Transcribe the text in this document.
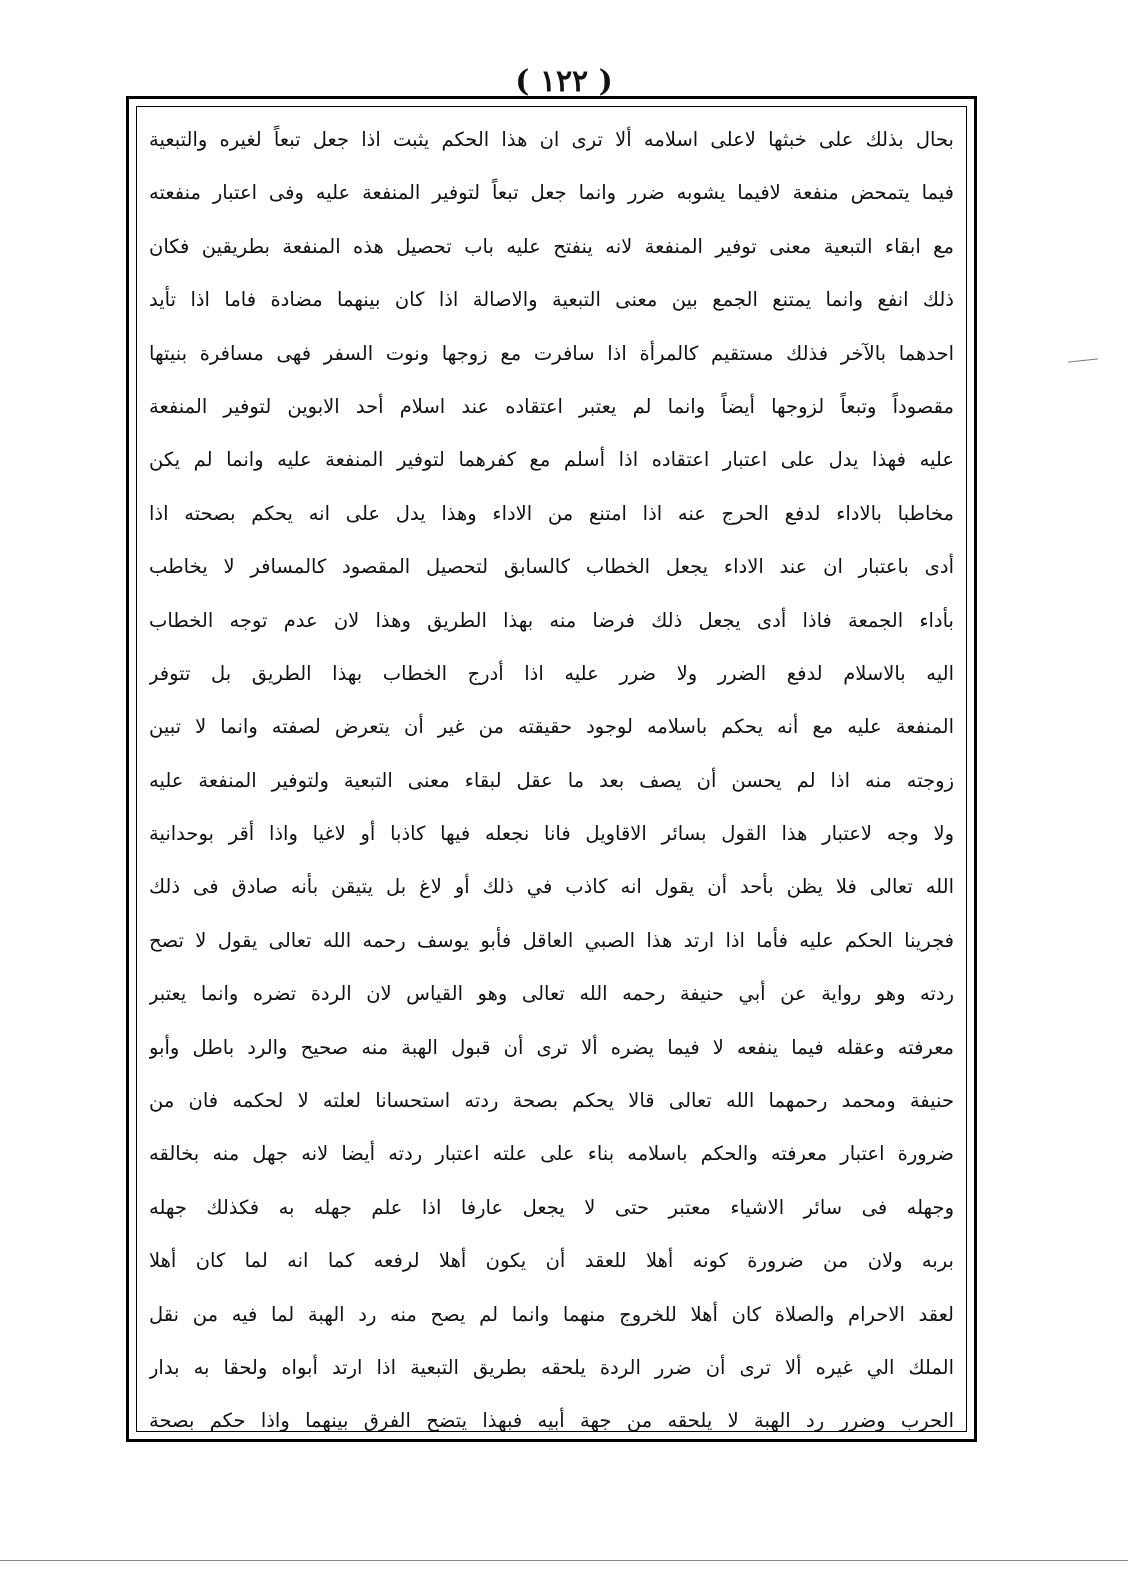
( ١٢٢ )
بحال بذلك على خبثها لاعلى اسلامه ألا ترى ان هذا الحكم يثبت اذا جعل تبعاً لغيره والتبعية
فيما يتمحض منفعة لافيما يشوبه ضرر وانما جعل تبعاً لتوفير المنفعة عليه وفى اعتبار منفعته
مع ابقاء التبعية معنى توفير المنفعة لانه ينفتح عليه باب تحصيل هذه المنفعة بطريقين فكان
ذلك انفع وانما يمتنع الجمع بين معنى التبعية والاصالة اذا كان بينهما مضادة فاما اذا تأيد
احدهما بالآخر فذلك مستقيم كالمرأة اذا سافرت مع زوجها ونوت السفر فهى مسافرة بنيتها
مقصوداً وتبعاً لزوجها أيضاً وانما لم يعتبر اعتقاده عند اسلام أحد الابوين لتوفير المنفعة
عليه فهذا يدل على اعتبار اعتقاده اذا أسلم مع كفرهما لتوفير المنفعة عليه وانما لم يكن
مخاطبا بالاداء لدفع الحرج عنه اذا امتنع من الاداء وهذا يدل على انه يحكم بصحته اذا
أدى باعتبار ان عند الاداء يجعل الخطاب كالسابق لتحصيل المقصود كالمسافر لا يخاطب
بأداء الجمعة فاذا أدى يجعل ذلك فرضا منه بهذا الطريق وهذا لان عدم توجه الخطاب
اليه بالاسلام لدفع الضرر ولا ضرر عليه اذا أدرج الخطاب بهذا الطريق بل تتوفر
المنفعة عليه مع أنه يحكم باسلامه لوجود حقيقته من غير أن يتعرض لصفته وانما لا تبين
زوجته منه اذا لم يحسن أن يصف بعد ما عقل لبقاء معنى التبعية ولتوفير المنفعة عليه
ولا وجه لاعتبار هذا القول بسائر الاقاويل فانا نجعله فيها كاذبا أو لاغيا واذا أقر بوحدانية
الله تعالى فلا يظن بأحد أن يقول انه كاذب في ذلك أو لاغ بل يتيقن بأنه صادق فى ذلك
فجرينا الحكم عليه فأما اذا ارتد هذا الصبي العاقل فأبو يوسف رحمه الله تعالى يقول لا تصح
ردته وهو رواية عن أبي حنيفة رحمه الله تعالى وهو القياس لان الردة تضره وانما يعتبر
معرفته وعقله فيما ينفعه لا فيما يضره ألا ترى أن قبول الهبة منه صحيح والرد باطل وأبو
حنيفة ومحمد رحمهما الله تعالى قالا يحكم بصحة ردته استحسانا لعلته لا لحكمه فان من
ضرورة اعتبار معرفته والحكم باسلامه بناء على علته اعتبار ردته أيضا لانه جهل منه بخالقه
وجهله فى سائر الاشياء معتبر حتى لا يجعل عارفا اذا علم جهله به فكذلك جهله
بربه ولان من ضرورة كونه أهلا للعقد أن يكون أهلا لرفعه كما انه لما كان أهلا
لعقد الاحرام والصلاة كان أهلا للخروج منهما وانما لم يصح منه رد الهبة لما فيه من نقل
الملك الي غيره ألا ترى أن ضرر الردة يلحقه بطريق التبعية اذا ارتد أبواه ولحقا به بدار
الحرب وضرر رد الهبة لا يلحقه من جهة أبيه فبهذا يتضح الفرق بينهما واذا حكم بصحة
